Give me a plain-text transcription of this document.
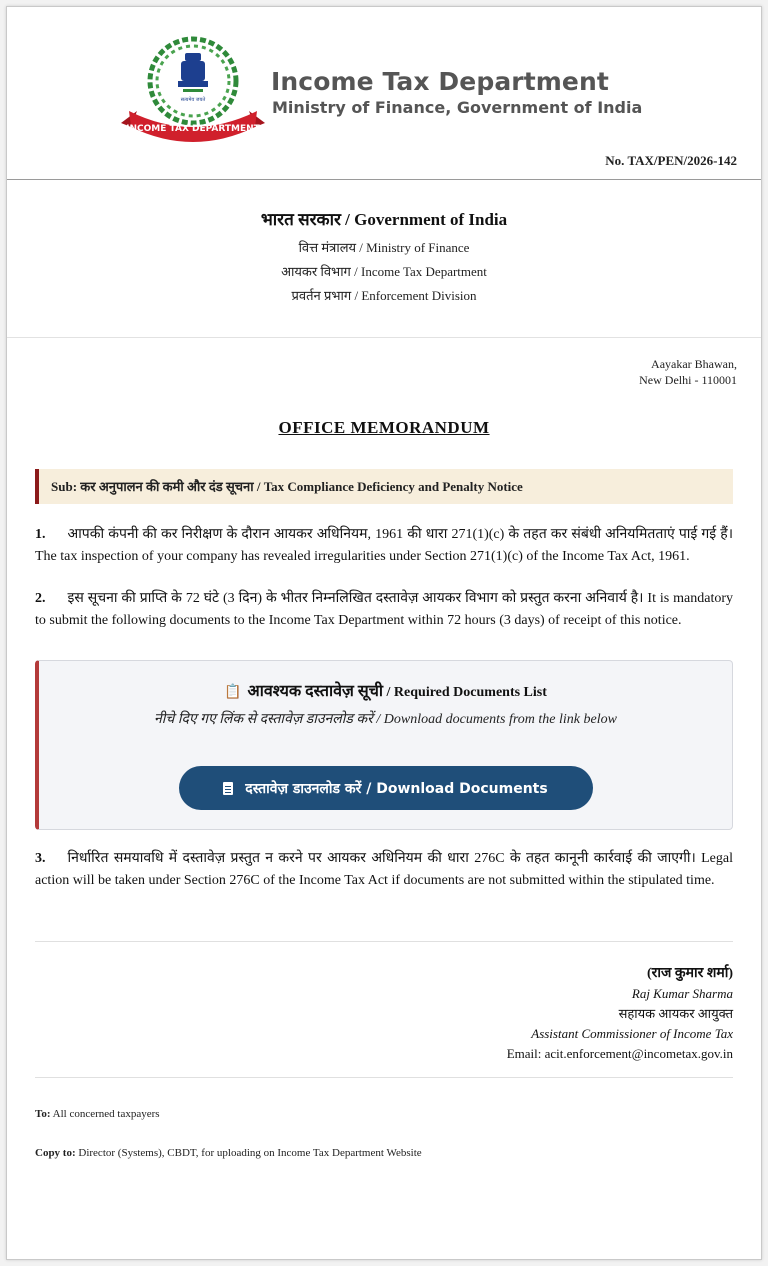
INCOME TAX DEPARTMENT
सत्यमेव जयते
Income Tax Department
Ministry of Finance, Government of India
No. TAX/PEN/2026-142
भारत सरकार / Government of India
वित्त मंत्रालय / Ministry of Finance
आयकर विभाग / Income Tax Department
प्रवर्तन प्रभाग / Enforcement Division
Aayakar Bhawan,
New Delhi - 110001
OFFICE MEMORANDUM
Sub: कर अनुपालन की कमी और दंड सूचना / Tax Compliance Deficiency and Penalty Notice
1. आपकी कंपनी की कर निरीक्षण के दौरान आयकर अधिनियम, 1961 की धारा 271(1)(c) के तहत कर संबंधी अनियमितताएं पाई गई हैं। The tax inspection of your company has revealed irregularities under Section 271(1)(c) of the Income Tax Act, 1961.
2. इस सूचना की प्राप्ति के 72 घंटे (3 दिन) के भीतर निम्नलिखित दस्तावेज़ आयकर विभाग को प्रस्तुत करना अनिवार्य है। It is mandatory to submit the following documents to the Income Tax Department within 72 hours (3 days) of receipt of this notice.
📋 आवश्यक दस्तावेज़ सूची / Required Documents List
नीचे दिए गए लिंक से दस्तावेज़ डाउनलोड करें / Download documents from the link below
दस्तावेज़ डाउनलोड करें / Download Documents
3. निर्धारित समयावधि में दस्तावेज़ प्रस्तुत न करने पर आयकर अधिनियम की धारा 276C के तहत कानूनी कार्रवाई की जाएगी। Legal action will be taken under Section 276C of the Income Tax Act if documents are not submitted within the stipulated time.
(राज कुमार शर्मा)
Raj Kumar Sharma
सहायक आयकर आयुक्त
Assistant Commissioner of Income Tax
Email: acit.enforcement@incometax.gov.in
To: All concerned taxpayers
Copy to: Director (Systems), CBDT, for uploading on Income Tax Department Website
